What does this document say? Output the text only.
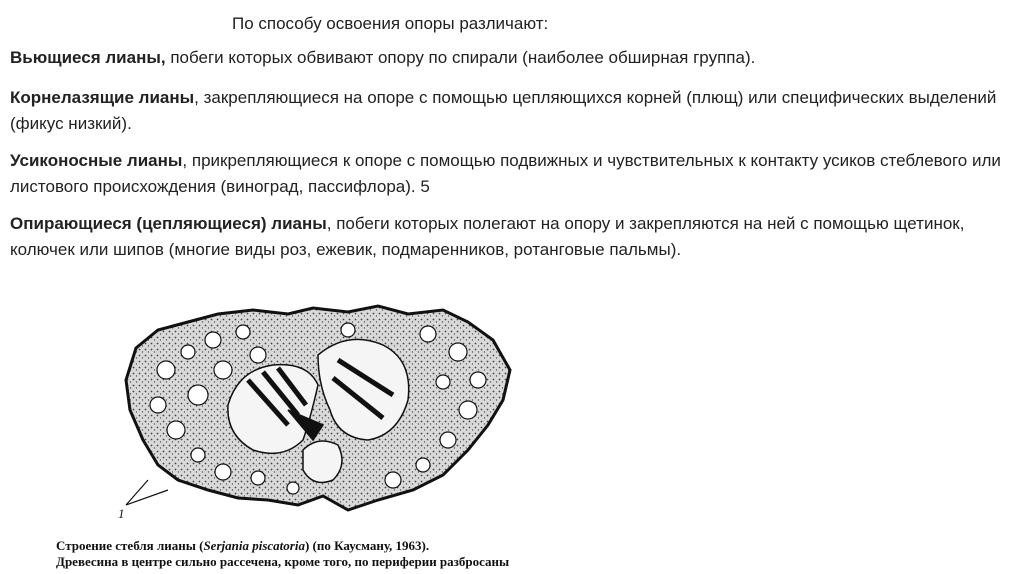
По способу освоения опоры различают:
Вьющиеся лианы, побеги которых обвивают опору по спирали (наиболее обширная группа).
Корнелазящие лианы, закрепляющиеся на опоре с помощью цепляющихся корней (плющ) или специфических выделений (фикус низкий).
Усиконосные лианы, прикрепляющиеся к опоре с помощью подвижных и чувствительных к контакту усиков стеблевого или листового происхождения (виноград, пассифлора). 5
Опирающиеся (цепляющиеся) лианы, побеги которых полегают на опору и закрепляются на ней с помощью щетинок, колючек или шипов (многие виды роз, ежевик, подмаренников, ротанговые пальмы).
1
Строение стебля лианы (Serjania piscatoria) (по Каусману, 1963).
Древесина в центре сильно рассечена, кроме того, по периферии разбросаны
